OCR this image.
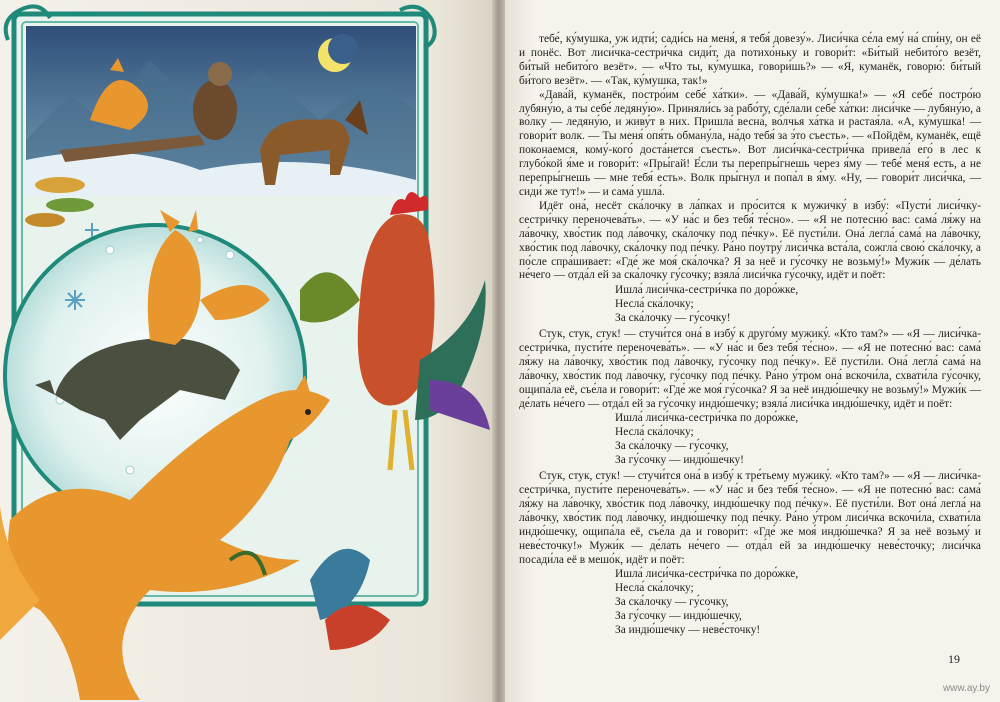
тебе́, ку́мушка, уж идти́; сади́сь на меня́, я тебя́ довезу́». Лиси́чка се́ла ему́ на́ спи́ну, он её и понёс. Вот лиси́чка-сестри́чка сиди́т, да потихо́ньку и говори́т: «Би́тый небито́го везёт, би́тый небито́го везёт». — «Что ты, ку́мушка, говори́шь?» — «Я, куманёк, говорю́: би́тый би́того везёт». — «Так, ку́мушка, так!»

«Дава́й, куманёк, постро́им себе́ ха́тки». — «Дава́й, ку́мушка!» — «Я себе́ постро́ю лубяну́ю, а ты себе́ ледяну́ю». Приняли́сь за рабо́ту, сде́лали себе́ ха́тки: лиси́чке — лубяну́ю, а во́лку — ледяну́ю, и живу́т в них. Пришла́ весна́, во́лчья ха́тка и растая́ла. «А, ку́мушка! — говори́т волк. — Ты меня́ опя́ть обману́ла, на́до тебя́ за э́то съесть». — «Пойдём, куманёк, ещё поконаемся, кому́-кого́ доста́нется съесть». Вот лиси́чка-сестри́чка привела́ его́ в лес к глубо́кой я́ме и говори́т: «Пры́гай! Е́сли ты перепры́гнешь через я́му — тебе́ меня́ есть, а не перепры́гнешь — мне тебя́ есть». Волк пры́гнул и попа́л в я́му. «Ну, — говори́т лиси́чка, — сиди́ же тут!» — и сама́ ушла́.

Идёт она́, несёт ска́лочку в ла́пках и про́сится к мужичку́ в избу́: «Пусти́ лиси́чку-сестри́чку переночева́ть». — «У на́с и без тебя́ те́сно». — «Я не потесню́ вас: сама́ ля́жу на ла́вочку, хво́стик под ла́вочку, ска́лочку под пе́чку». Её пусти́ли. Она́ легла́ сама́ на ла́вочку, хво́стик под ла́вочку, ска́лочку под пе́чку. Ра́но поутру́ лиси́чка вста́ла, сожгла́ свою́ ска́лочку, а по́сле спра́шивает: «Где́ же моя́ ска́лочка? Я за неё и гу́сочку не возьму́!» Мужи́к — де́лать не́чего — отда́л ей за ска́лочку гу́сочку; взяла́ лиси́чка гу́сочку, идёт и поёт:

Ишла́ лиси́чка-сестри́чка по доро́жке,
Несла́ ска́лочку;
За ска́лочку — гу́сочку!

Стук, стук, стук! — стучи́тся она́ в избу́ к друго́му мужику́. «Кто там?» — «Я — лиси́чка-сестри́чка, пусти́те переночева́ть». — «У на́с и без тебя́ те́сно». — «Я не потесню́ вас: сама́ ля́жу на ла́вочку, хво́стик под ла́вочку, гу́сочку под пе́чку». Её пусти́ли. Она́ легла́ сама́ на ла́вочку, хво́стик под ла́вочку, гу́сочку под пе́чку. Ра́но у́тром она́ вскочи́ла, схвати́ла гу́сочку, ощипа́ла её, съе́ла и говори́т: «Где́ же моя́ гу́сочка? Я за неё индю́шечку не возьму́!» Мужи́к — де́лать не́чего — отда́л ей за гу́сочку индю́шечку; взяла́ лиси́чка индю́шечку, идёт и поёт:

Ишла́ лиси́чка-сестри́чка по доро́жке,
Несла́ ска́лочку;
За ска́лочку — гу́сочку,
За гу́сочку — индю́шечку!

Стук, стук, стук! — стучи́тся она́ в избу́ к тре́тьему мужику́. «Кто там?» — «Я — лиси́чка-сестри́чка, пусти́те переночева́ть». — «У на́с и без тебя́ те́сно». — «Я не потесню́ вас: сама́ ля́жу на ла́вочку, хво́стик под ла́вочку, индю́шечку под пе́чку». Её пусти́ли. Вот она́ легла́ на ла́вочку, хво́стик под ла́вочку, индю́шечку под пе́чку. Ра́но у́тром лиси́чка вскочи́ла, схвати́ла индю́шечку, ощипа́ла её, съе́ла да и говори́т: «Где́ же моя́ индю́шечка? Я за неё возьму́ и неве́сточку!» Мужи́к — де́лать не́чего — отда́л ей за индю́шечку неве́сточку; лиси́чка посади́ла её в мешо́к, идёт и поёт:

Ишла́ лиси́чка-сестри́чка по доро́жке,
Несла́ ска́лочку;
За ска́лочку — гу́сочку,
За гу́сочку — индю́шечку,
За индю́шечку — неве́сточку!
19
www.ay.by
